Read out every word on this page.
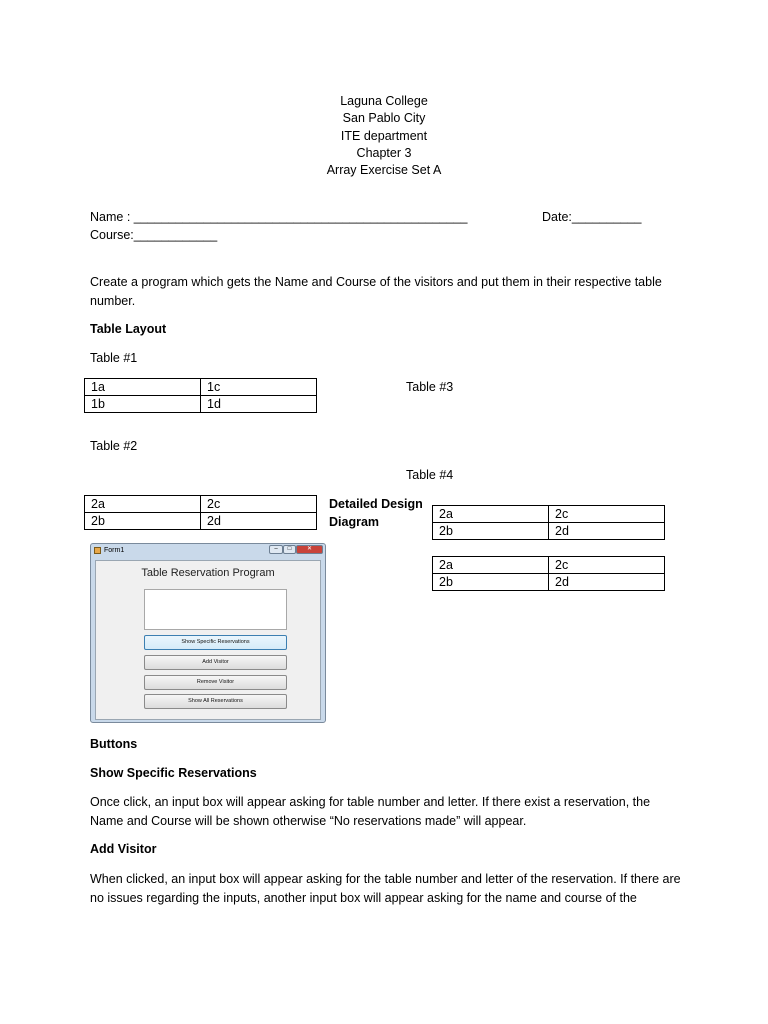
Laguna College
San Pablo City
ITE department
Chapter 3
Array Exercise Set A
Name : ________________________________________________	Date:__________
Course:____________
Create a program which gets the Name and Course of the visitors and put them in their respective table number.
Table Layout
Table #1
1a	1c
1b	1d
Table #3
Table #2
Table #4
2a	2c
2b	2d
Detailed Design
Diagram
2a	2c
2b	2d
2a	2c
2b	2d
Form1	–	□	✕
Table Reservation Program
Show Specific Reservations
Add Visitor
Remove Visitor
Show All Reservations
Buttons
Show Specific Reservations
Once click, an input box will appear asking for table number and letter. If there exist a reservation, the Name and Course will be shown otherwise “No reservations made” will appear.
Add Visitor
When clicked, an input box will appear asking for the table number and letter of the reservation. If there are no issues regarding the inputs, another input box will appear asking for the name and course of the
